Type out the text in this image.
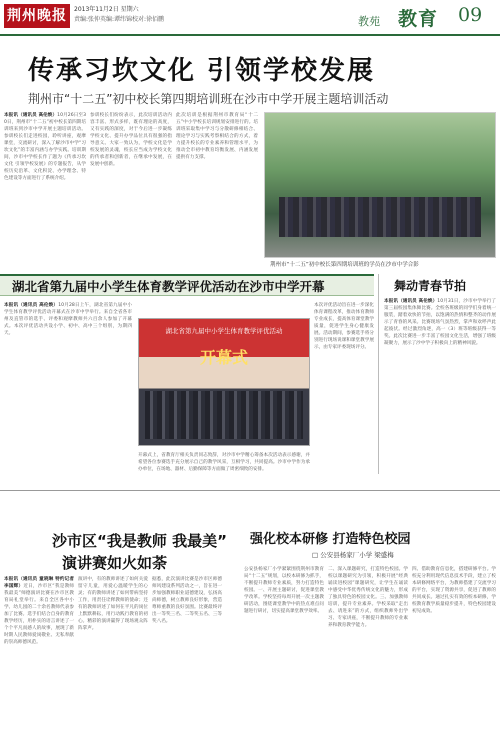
荆州晚报	2013年11月2日 星期六
责编:张仲英编:谭纬锦校对:徐佰鹏	教苑 教育 09
传承习坎文化 引领学校发展
荆州市“十二五”初中校长第四期培训班在沙市中学开展主题培训活动
本报讯（通讯员 高伦焕）10月26日至30日，荆州市“十二五”初中校长第四期培训班来到沙市中学开展主题培训活动。参训校长们走进校园，聆听讲座，观摩课堂，交流研讨，深入了解沙市中学“习坎文化”的丰富内涵与办学实践。培训期间，沙市中学校长作了题为《传承习坎文化 引领学校发展》的专题报告，从学校历史沿革、文化积淀、办学理念、特色建设等方面进行了系统介绍。
参训校长们纷纷表示，此次培训活动内容丰富、形式多样，既有理论的高度，又有实践的深度，对于今后进一步凝练学校文化、提升办学品位具有很强的指导意义。大家一致认为，学校文化是学校发展的灵魂，校长应当成为学校文化的传承者和创新者，在继承中发展，在发展中创新。
此次培训是根据荆州市教育局“十二五”中小学校长培训规划安排进行的。培训班采取集中学习与分散研修相结合、理论学习与实践考察相结合的方式，着力提升校长的专业素养和管理水平，为推动全市初中教育均衡发展、内涵发展提供有力支撑。
荆州市“十二五”初中校长第四期培训班的学员在沙市中学合影
湖北省第九届中小学生体育教学评优活动在沙市中学开幕
本报讯（通讯员 高伦焕）10月28日上午，湖北省第九届中小学生体育教学评优活动开幕式在沙市中学举行。来自全省各市州及直管市的选手、评委和观摩教师共六百余人参加了开幕式。本次评优活动共设小学、初中、高中三个组别，为期四天。	湖北省第九届中小学生体育教学评优活动
开幕式
开幕式上，省教育厅相关负责同志致辞，对沙市中学精心筹备本次活动表示感谢，并希望各位参赛选手充分展示自己的教学风采，互相学习，共同提高。沙市中学作为承办单位，在场地、器材、后勤保障等方面做了周密细致的安排。
本次评优活动旨在进一步深化体育课程改革，推动体育教师专业成长，提高体育课堂教学质量，促进学生身心健康发展。活动期间，参赛选手将分别进行现场说课和课堂教学展示，由专家评委现场评分。
舞动青春节拍
本报讯（通讯员 高伦焕）10月31日，沙市中学举行了第三届校园集体舞比赛。全校各班级的同学们身着统一服装，踏着欢快的节拍，以饱满的热情和整齐的动作展示了青春的风采。比赛现场气氛热烈，掌声和欢呼声此起彼伏。经过激烈角逐，高一（3）班等班级获得一等奖。此次比赛进一步丰富了校园文化生活，增强了班级凝聚力，展示了沙中学子积极向上的精神风貌。
沙市区“我是教师 我最美”
演讲赛如火如荼
本报讯（通讯员 童晓琳 特约记者 李国辉）近日，沙市区“我是教师 我最美”师德演讲比赛在沙市区教育局礼堂举行。来自全区各中小学、幼儿园的二十余名教师代表参加了比赛。选手们结合自身的教育教学经历，用朴实的语言讲述了一个个平凡而感人的故事，展现了新时期人民教师爱岗敬业、无私奉献的崇高师德风范。
演讲中，有的教师讲述了如何关爱留守儿童，用爱心温暖学生的心灵；有的教师讲述了如何带病坚持工作，用责任诠释教师的使命；还有的教师讲述了如何在平凡的岗位上默默耕耘，用行动践行教育的初心。精彩的演讲赢得了现场观众阵阵掌声。
据悉，此次演讲比赛是沙市区师德师风建设系列活动之一，旨在进一步加强教师职业道德建设，弘扬高尚师德，树立教师良好形象，营造尊师重教的良好氛围。比赛最终评出一等奖三名、二等奖五名、三等奖八名。
强化校本研修 打造特色校园
□ 公安县杨家厂小学 梁盛梅
公安县杨家厂小学紧紧围绕荆州市教育局“十二五”规划，以校本研修为抓手，不断提升教师专业素质，努力打造特色校园。一、开展主题研讨，促进课堂教学改革。学校坚持每周开展一次主题教研活动，围绕课堂教学中的热点难点问题进行研讨，切实提高课堂教学效率。
二、深入课题研究，打造特色校园。学校以课题研究为引领，积极开展“经典诵读进校园”课题研究，让学生在诵读中感受中华优秀传统文化的魅力，形成了独具特色的校园文化。三、加强教师培训，提升专业素养。学校采取“走出去、请进来”的方式，组织教师外出学习、专家讲座，不断提升教师的专业素养和教育教学能力。
四、借助教育信息化，搭建研修平台。学校充分利用现代信息技术手段，建立了校本研修网络平台，为教师搭建了交流学习的平台，实现了资源共享，促进了教师的共同成长。通过扎实有效的校本研修，学校教育教学质量稳步提升，特色校园建设初见成效。
